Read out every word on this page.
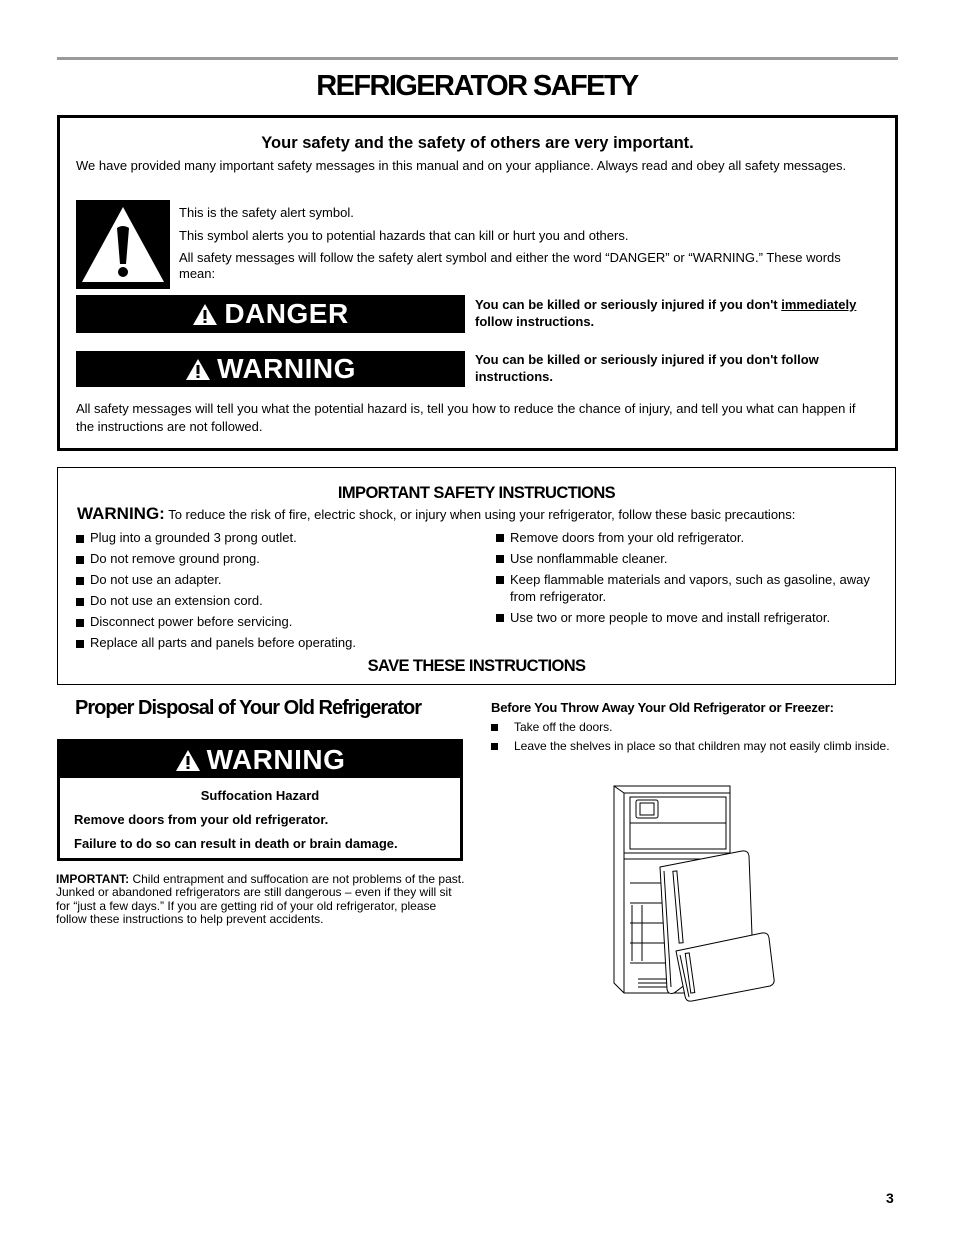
REFRIGERATOR SAFETY
Your safety and the safety of others are very important.
We have provided many important safety messages in this manual and on your appliance. Always read and obey all safety messages.
This is the safety alert symbol.
This symbol alerts you to potential hazards that can kill or hurt you and others.
All safety messages will follow the safety alert symbol and either the word “DANGER” or “WARNING.” These words mean:
DANGER	You can be killed or seriously injured if you don't immediately follow instructions.
WARNING	You can be killed or seriously injured if you don't follow instructions.
All safety messages will tell you what the potential hazard is, tell you how to reduce the chance of injury, and tell you what can happen if the instructions are not followed.
IMPORTANT SAFETY INSTRUCTIONS
WARNING: To reduce the risk of fire, electric shock, or injury when using your refrigerator, follow these basic precautions:
Plug into a grounded 3 prong outlet.
Do not remove ground prong.
Do not use an adapter.
Do not use an extension cord.
Disconnect power before servicing.
Replace all parts and panels before operating.
Remove doors from your old refrigerator.
Use nonflammable cleaner.
Keep flammable materials and vapors, such as gasoline, away from refrigerator.
Use two or more people to move and install refrigerator.
SAVE THESE INSTRUCTIONS
Proper Disposal of Your Old Refrigerator
WARNING
Suffocation Hazard
Remove doors from your old refrigerator.
Failure to do so can result in death or brain damage.

IMPORTANT: Child entrapment and suffocation are not problems of the past. Junked or abandoned refrigerators are still dangerous – even if they will sit for “just a few days.” If you are getting rid of your old refrigerator, please follow these instructions to help prevent accidents.

Before You Throw Away Your Old Refrigerator or Freezer:
Take off the doors.
Leave the shelves in place so that children may not easily climb inside.
3
